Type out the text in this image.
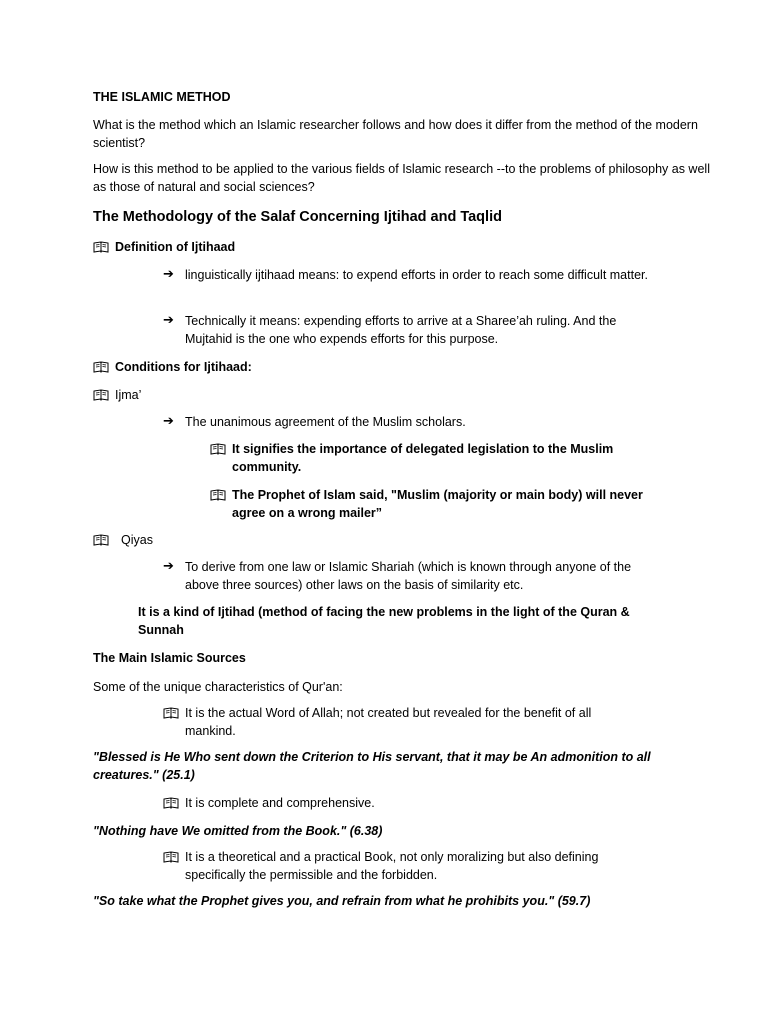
THE ISLAMIC METHOD
What is the method which an Islamic researcher follows and how does it differ from the method of the modern scientist?
How is this method to be applied to the various fields of Islamic research --to the problems of philosophy as well as those of natural and social sciences?
The Methodology of the Salaf Concerning Ijtihad and Taqlid
Definition of Ijtihaad
➔ linguistically ijtihaad means: to expend efforts in order to reach some difficult matter.
➔ Technically it means: expending efforts to arrive at a Sharee’ah ruling. And the Mujtahid is the one who expends efforts for this purpose.
Conditions for Ijtihaad:
Ijma’
➔ The unanimous agreement of the Muslim scholars.
It signifies the importance of delegated legislation to the Muslim community.
The Prophet of Islam said, "Muslim (majority or main body) will never agree on a wrong mailer”
Qiyas
➔ To derive from one law or Islamic Shariah (which is known through anyone of the above three sources) other laws on the basis of similarity etc.
It is a kind of Ijtihad (method of facing the new problems in the light of the Quran & Sunnah
The Main Islamic Sources
Some of the unique characteristics of Qur'an:
It is the actual Word of Allah; not created but revealed for the benefit of all mankind.
"Blessed is He Who sent down the Criterion to His servant, that it may be An admonition to all creatures." (25.1)
It is complete and comprehensive.
"Nothing have We omitted from the Book." (6.38)
It is a theoretical and a practical Book, not only moralizing but also defining specifically the permissible and the forbidden.
"So take what the Prophet gives you, and refrain from what he prohibits you." (59.7)
